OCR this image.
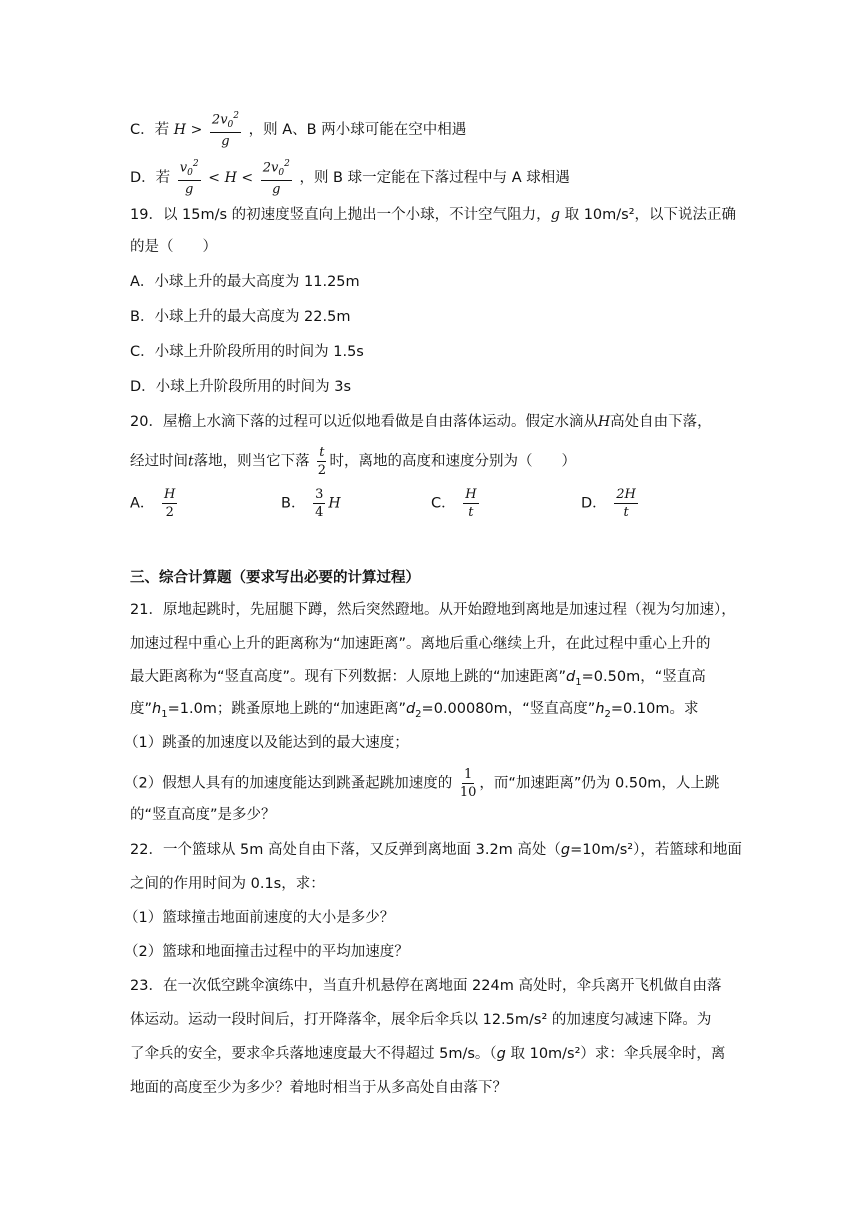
C．若 $H > \frac{2v_0^2}{g}$ ，则 A、B 两小球可能在空中相遇
D．若 $\frac{v_0^2}{g} < H < \frac{2v_0^2}{g}$ ，则 B 球一定能在下落过程中与 A 球相遇
19．以 15m/s 的初速度竖直向上抛出一个小球，不计空气阻力，g 取 10m/s²，以下说法正确
的是（　　）
A．小球上升的最大高度为 11.25m
B．小球上升的最大高度为 22.5m
C．小球上升阶段所用的时间为 1.5s
D．小球上升阶段所用的时间为 3s
20．屋檐上水滴下落的过程可以近似地看做是自由落体运动。假定水滴从H高处自由下落，
经过时间t落地，则当它下落 $\frac{t}{2}$ 时，离地的高度和速度分别为（　　）
A． $\frac{H}{2}$	B． $\frac{3}{4}$ H	C． $\frac{H}{t}$	D． $\frac{2H}{t}$
三、综合计算题（要求写出必要的计算过程）
21．原地起跳时，先屈腿下蹲，然后突然蹬地。从开始蹬地到离地是加速过程（视为匀加速），
加速过程中重心上升的距离称为“加速距离”。离地后重心继续上升，在此过程中重心上升的
最大距离称为“竖直高度”。现有下列数据：人原地上跳的“加速距离$”d_1=0.50m$，“竖直高
度$”h_1=1.0m$；跳蚤原地上跳的“加速距离$”d_2=0.00080m$，“竖直高度$”h_2=0.10m$。求
（1）跳蚤的加速度以及能达到的最大速度；
（2）假想人具有的加速度能达到跳蚤起跳加速度的 $\frac{1}{10}$ ，而“加速距离”仍为 0.50m，人上跳
的“竖直高度”是多少？
22．一个篮球从 5m 高处自由下落，又反弹到离地面 3.2m 高处（g=10m/s²），若篮球和地面
之间的作用时间为 0.1s，求：
（1）篮球撞击地面前速度的大小是多少？
（2）篮球和地面撞击过程中的平均加速度？
23．在一次低空跳伞演练中，当直升机悬停在离地面 224m 高处时，伞兵离开飞机做自由落
体运动。运动一段时间后，打开降落伞，展伞后伞兵以 12.5m/s² 的加速度匀减速下降。为
了伞兵的安全，要求伞兵落地速度最大不得超过 5m/s。（g 取 10m/s²）求：伞兵展伞时，离
地面的高度至少为多少？着地时相当于从多高处自由落下？
